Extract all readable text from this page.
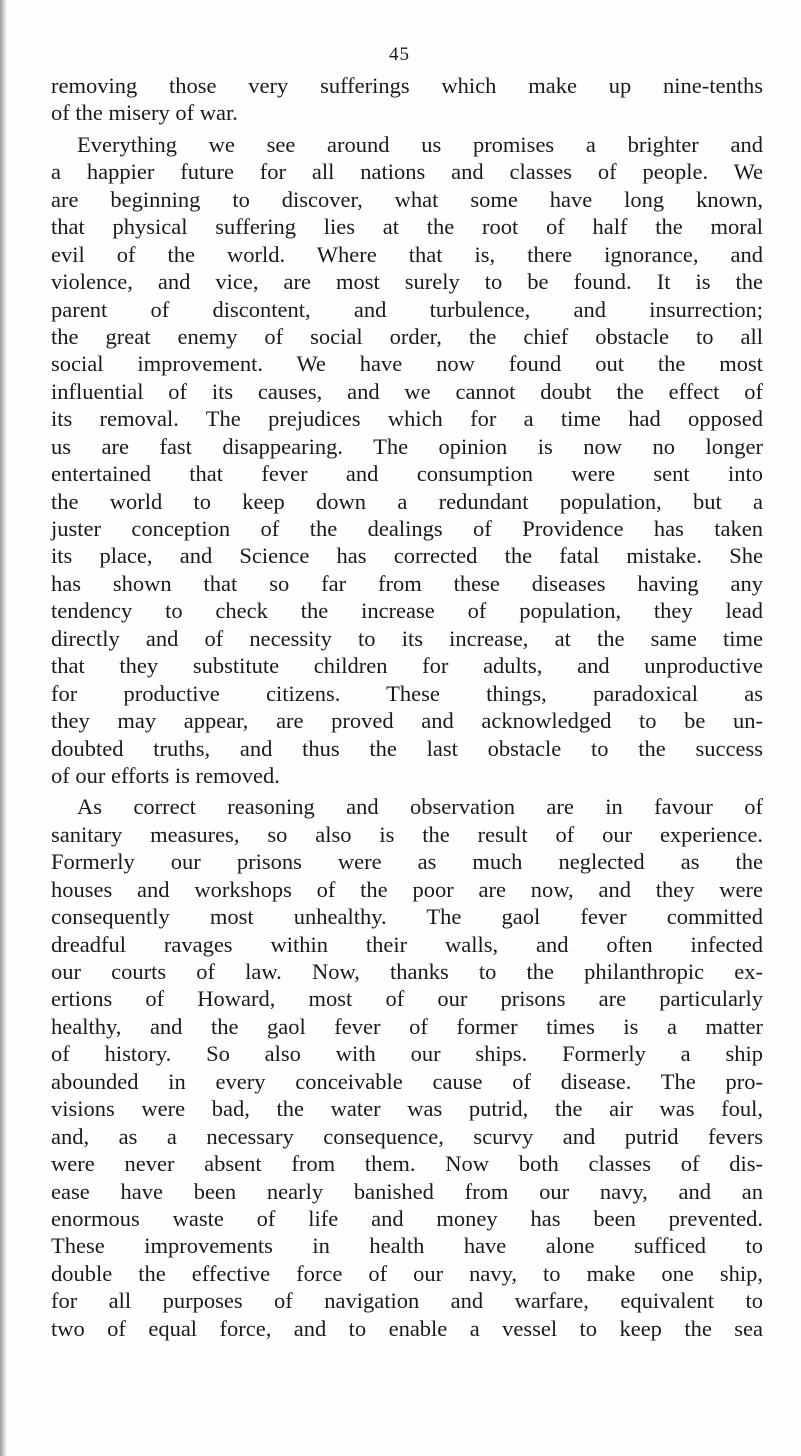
45
removing those very sufferings which make up nine-tenths
of the misery of war.
Everything we see around us promises a brighter and
a happier future for all nations and classes of people. We
are beginning to discover, what some have long known,
that physical suffering lies at the root of half the moral
evil of the world. Where that is, there ignorance, and
violence, and vice, are most surely to be found. It is the
parent of discontent, and turbulence, and insurrection;
the great enemy of social order, the chief obstacle to all
social improvement. We have now found out the most
influential of its causes, and we cannot doubt the effect of
its removal. The prejudices which for a time had opposed
us are fast disappearing. The opinion is now no longer
entertained that fever and consumption were sent into
the world to keep down a redundant population, but a
juster conception of the dealings of Providence has taken
its place, and Science has corrected the fatal mistake. She
has shown that so far from these diseases having any
tendency to check the increase of population, they lead
directly and of necessity to its increase, at the same time
that they substitute children for adults, and unproductive
for productive citizens. These things, paradoxical as
they may appear, are proved and acknowledged to be un-
doubted truths, and thus the last obstacle to the success
of our efforts is removed.
As correct reasoning and observation are in favour of
sanitary measures, so also is the result of our experience.
Formerly our prisons were as much neglected as the
houses and workshops of the poor are now, and they were
consequently most unhealthy. The gaol fever committed
dreadful ravages within their walls, and often infected
our courts of law. Now, thanks to the philanthropic ex-
ertions of Howard, most of our prisons are particularly
healthy, and the gaol fever of former times is a matter
of history. So also with our ships. Formerly a ship
abounded in every conceivable cause of disease. The pro-
visions were bad, the water was putrid, the air was foul,
and, as a necessary consequence, scurvy and putrid fevers
were never absent from them. Now both classes of dis-
ease have been nearly banished from our navy, and an
enormous waste of life and money has been prevented.
These improvements in health have alone sufficed to
double the effective force of our navy, to make one ship,
for all purposes of navigation and warfare, equivalent to
two of equal force, and to enable a vessel to keep the sea
